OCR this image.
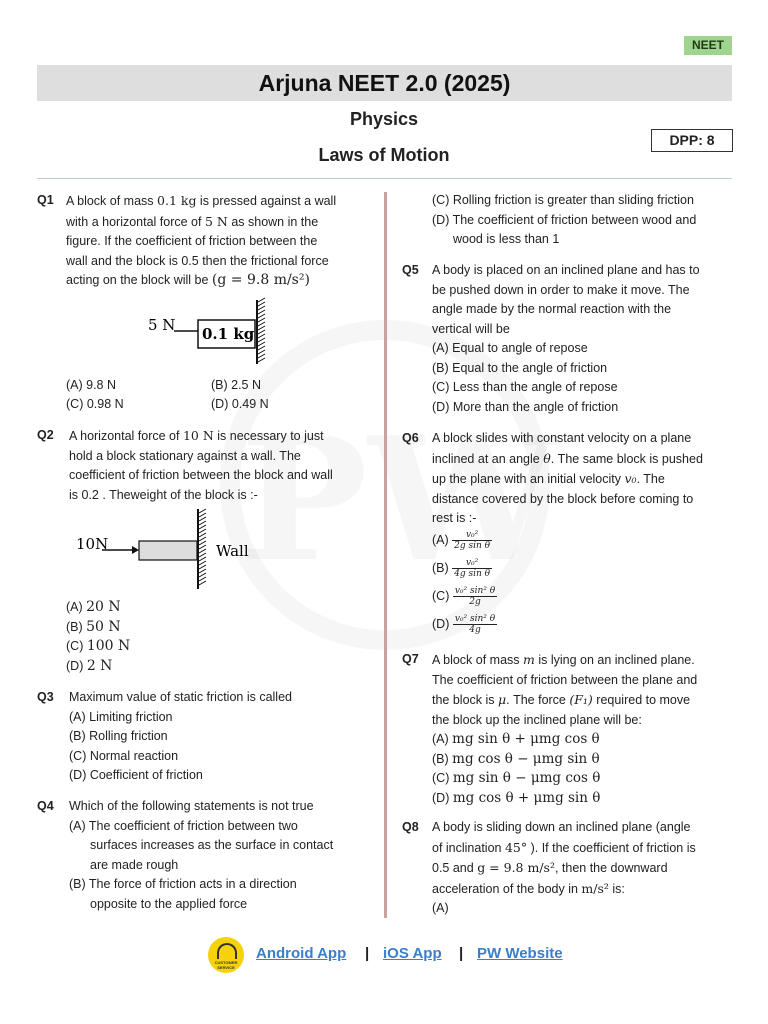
NEET
Arjuna NEET 2.0 (2025)
Physics
Laws of Motion
DPP: 8
Q1 A block of mass 0.1 kg is pressed against a wall
with a horizontal force of 5 N as shown in the
figure. If the coefficient of friction between the
wall and the block is 0.5 then the frictional force
acting on the block will be (g = 9.8 m/s²)
5 N 0.1 kg
(A) 9.8 N	(B) 2.5 N
(C) 0.98 N	(D) 0.49 N
Q2 A horizontal force of 10 N is necessary to just
hold a block stationary against a wall. The
coefficient of friction between the block and wall
is 0.2 . Theweight of the block is :-
10N	Wall
(A) 20 N
(B) 50 N
(C) 100 N
(D) 2 N
Q3 Maximum value of static friction is called
(A) Limiting friction
(B) Rolling friction
(C) Normal reaction
(D) Coefficient of friction
Q4 Which of the following statements is not true
(A) The coefficient of friction between two
surfaces increases as the surface in contact
are made rough
(B) The force of friction acts in a direction
opposite to the applied force
(C) Rolling friction is greater than sliding friction
(D) The coefficient of friction between wood and
wood is less than 1
Q5 A body is placed on an inclined plane and has to
be pushed down in order to make it move. The
angle made by the normal reaction with the
vertical will be
(A) Equal to angle of repose
(B) Equal to the angle of friction
(C) Less than the angle of repose
(D) More than the angle of friction
Q6 A block slides with constant velocity on a plane
inclined at an angle θ. The same block is pushed
up the plane with an initial velocity v₀. The
distance covered by the block before coming to
rest is :-
$(A) \frac{\text{v₀²}}{\text{2g sin θ}}$
$(B) \frac{\text{v₀²}}{\text{4g sin θ}}$
$(C) \frac{\text{v₀² sin² θ}}{2g}$
$(D) \frac{\text{v₀² sin² θ}}{4g}$
Q7 A block of mass m is lying on an inclined plane.
The coefficient of friction between the plane and
the block is μ. The force (F₁) required to move
the block up the inclined plane will be:
(A) mg sin θ + μmg cos θ
(B) mg cos θ − μmg sin θ
(C) mg sin θ − μmg cos θ
(D) mg cos θ + μmg sin θ
Q8 A body is sliding down an inclined plane (angle
of inclination 45° ). If the coefficient of friction is
0.5 and g = 9.8 m/s², then the downward
acceleration of the body in m/s² is:
(A)
CUSTOMER SERVICE
Android App | iOS App | PW Website
